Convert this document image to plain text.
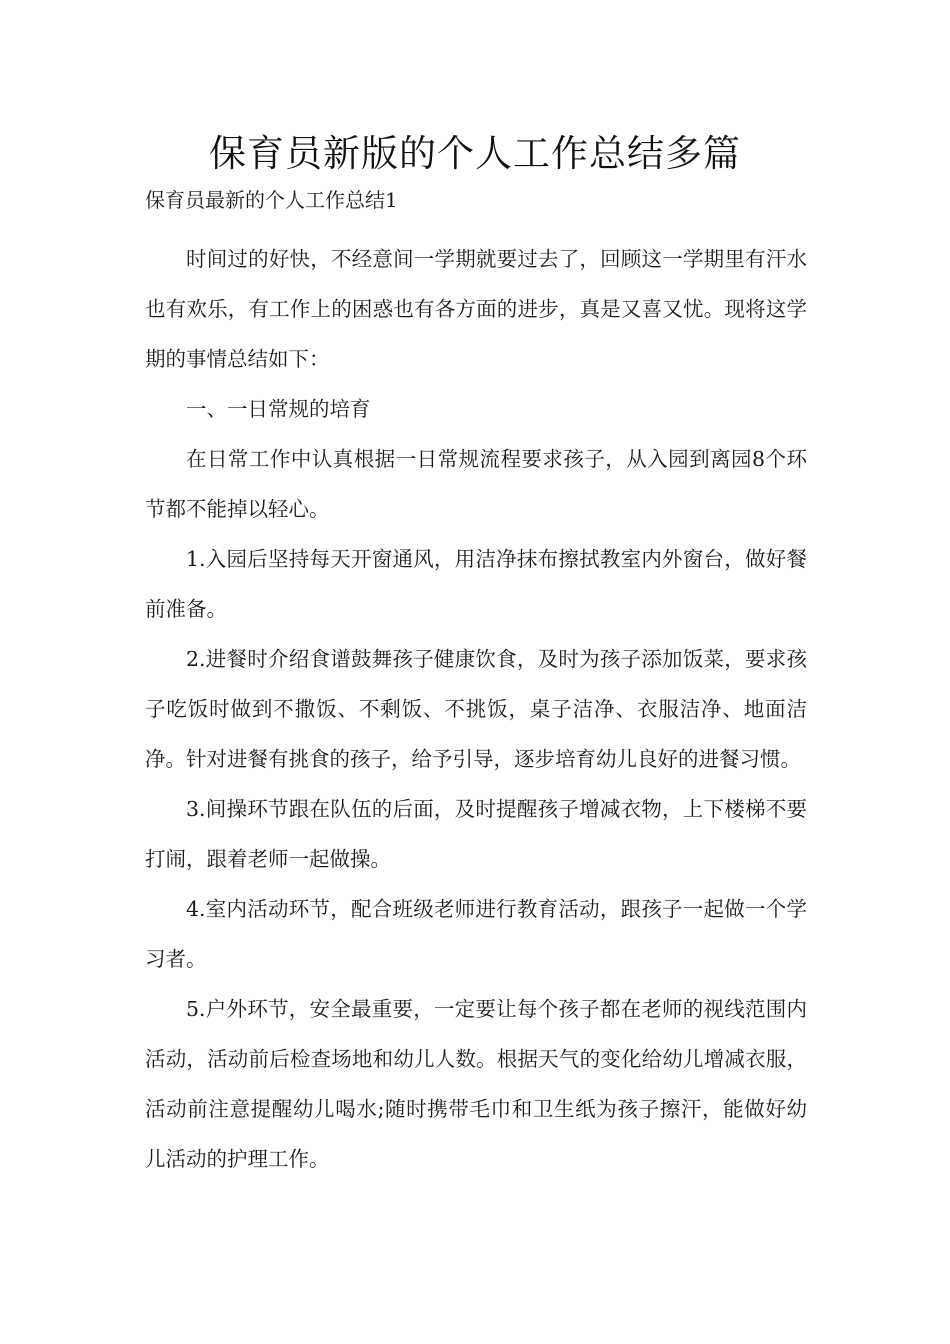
保育员新版的个人工作总结多篇
保育员最新的个人工作总结1

时间过的好快，不经意间一学期就要过去了，回顾这一学期里有汗水也有欢乐，有工作上的困惑也有各方面的进步，真是又喜又忧。现将这学期的事情总结如下：

一、一日常规的培育

在日常工作中认真根据一日常规流程要求孩子，从入园到离园8个环节都不能掉以轻心。

1.入园后坚持每天开窗通风，用洁净抹布擦拭教室内外窗台，做好餐前准备。

2.进餐时介绍食谱鼓舞孩子健康饮食，及时为孩子添加饭菜，要求孩子吃饭时做到不撒饭、不剩饭、不挑饭，桌子洁净、衣服洁净、地面洁净。针对进餐有挑食的孩子，给予引导，逐步培育幼儿良好的进餐习惯。

3.间操环节跟在队伍的后面，及时提醒孩子增减衣物，上下楼梯不要打闹，跟着老师一起做操。

4.室内活动环节，配合班级老师进行教育活动，跟孩子一起做一个学习者。

5.户外环节，安全最重要，一定要让每个孩子都在老师的视线范围内活动，活动前后检查场地和幼儿人数。根据天气的变化给幼儿增减衣服，活动前注意提醒幼儿喝水;随时携带毛巾和卫生纸为孩子擦汗，能做好幼儿活动的护理工作。
